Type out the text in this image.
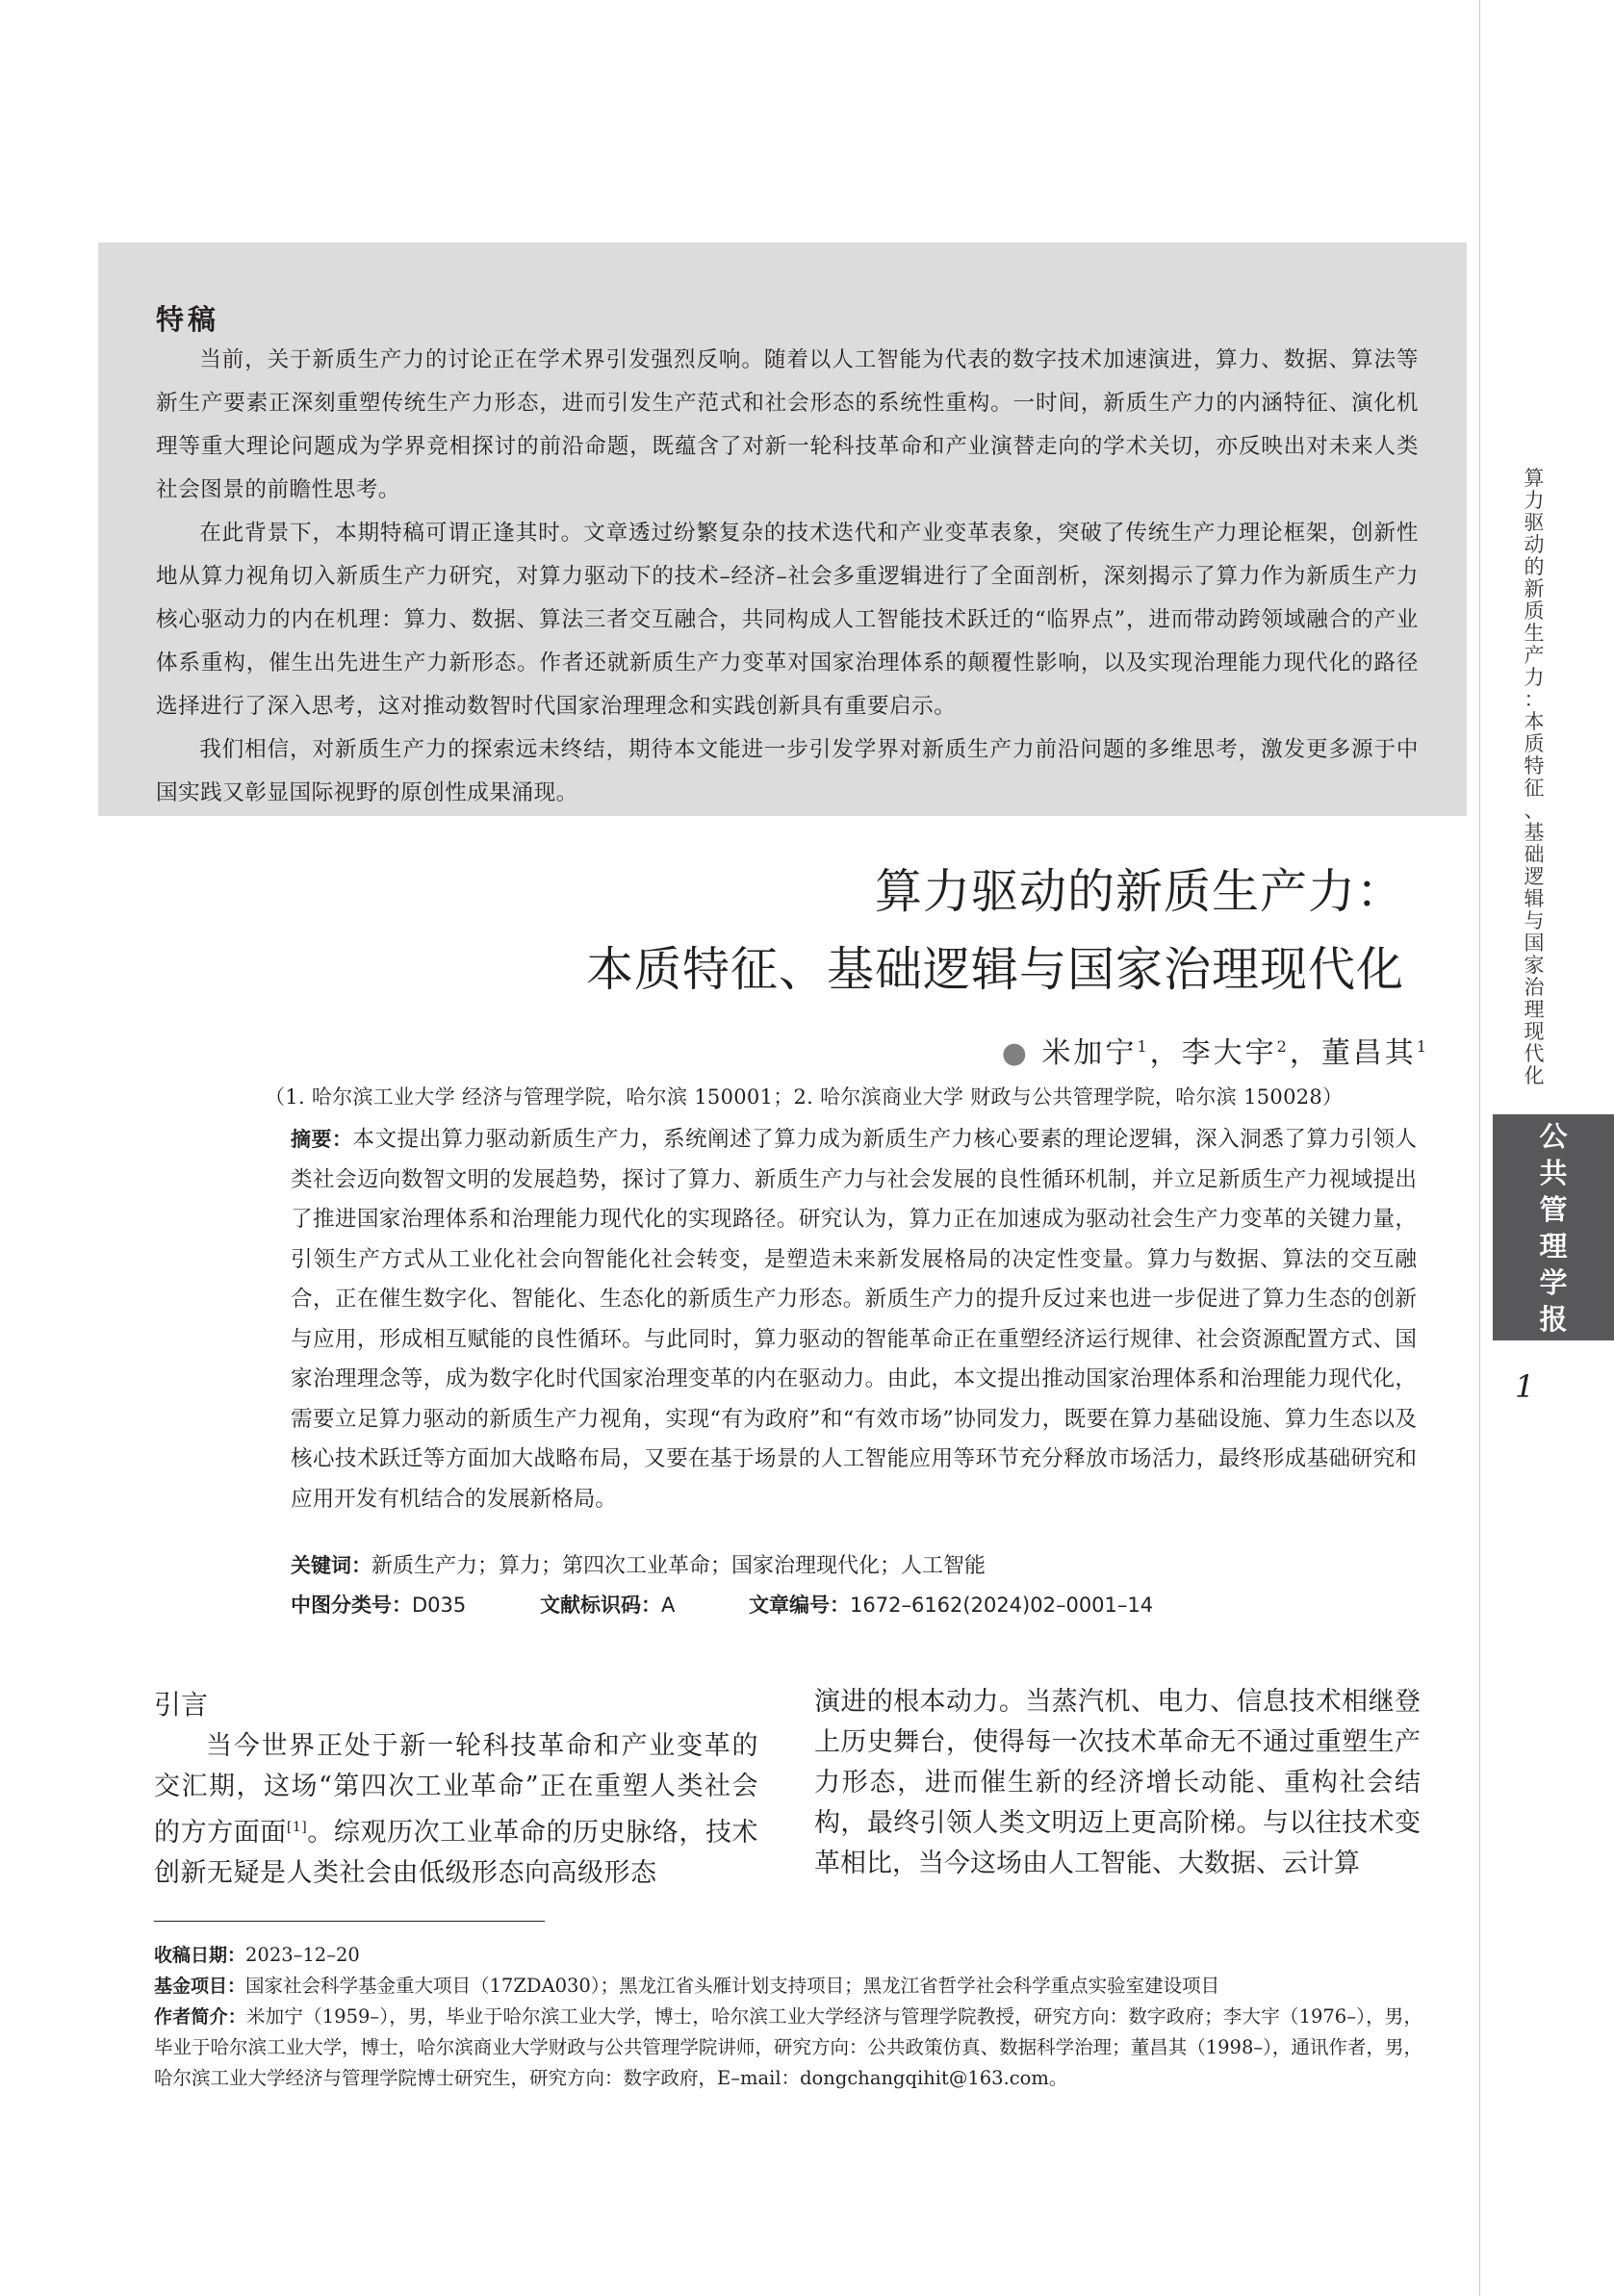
特稿

当前，关于新质生产力的讨论正在学术界引发强烈反响。随着以人工智能为代表的数字技术加速演进，算力、数据、算法等新生产要素正深刻重塑传统生产力形态，进而引发生产范式和社会形态的系统性重构。一时间，新质生产力的内涵特征、演化机理等重大理论问题成为学界竞相探讨的前沿命题，既蕴含了对新一轮科技革命和产业演替走向的学术关切，亦反映出对未来人类社会图景的前瞻性思考。

在此背景下，本期特稿可谓正逢其时。文章透过纷繁复杂的技术迭代和产业变革表象，突破了传统生产力理论框架，创新性地从算力视角切入新质生产力研究，对算力驱动下的技术–经济–社会多重逻辑进行了全面剖析，深刻揭示了算力作为新质生产力核心驱动力的内在机理：算力、数据、算法三者交互融合，共同构成人工智能技术跃迁的“临界点”，进而带动跨领域融合的产业体系重构，催生出先进生产力新形态。作者还就新质生产力变革对国家治理体系的颠覆性影响，以及实现治理能力现代化的路径选择进行了深入思考，这对推动数智时代国家治理理念和实践创新具有重要启示。

我们相信，对新质生产力的探索远未终结，期待本文能进一步引发学界对新质生产力前沿问题的多维思考，激发更多源于中国实践又彰显国际视野的原创性成果涌现。

算力驱动的新质生产力：
本质特征、基础逻辑与国家治理现代化
● 米加宁$^1$，李大宇$^2$，董昌其$^1$
（1. 哈尔滨工业大学 经济与管理学院，哈尔滨 150001；2. 哈尔滨商业大学 财政与公共管理学院，哈尔滨 150028）
摘要：本文提出算力驱动新质生产力，系统阐述了算力成为新质生产力核心要素的理论逻辑，深入洞悉了算力引领人类社会迈向数智文明的发展趋势，探讨了算力、新质生产力与社会发展的良性循环机制，并立足新质生产力视域提出了推进国家治理体系和治理能力现代化的实现路径。研究认为，算力正在加速成为驱动社会生产力变革的关键力量，引领生产方式从工业化社会向智能化社会转变，是塑造未来新发展格局的决定性变量。算力与数据、算法的交互融合，正在催生数字化、智能化、生态化的新质生产力形态。新质生产力的提升反过来也进一步促进了算力生态的创新与应用，形成相互赋能的良性循环。与此同时，算力驱动的智能革命正在重塑经济运行规律、社会资源配置方式、国家治理理念等，成为数字化时代国家治理变革的内在驱动力。由此，本文提出推动国家治理体系和治理能力现代化，需要立足算力驱动的新质生产力视角，实现“有为政府”和“有效市场”协同发力，既要在算力基础设施、算力生态以及核心技术跃迁等方面加大战略布局，又要在基于场景的人工智能应用等环节充分释放市场活力，最终形成基础研究和应用开发有机结合的发展新格局。
关键词：新质生产力；算力；第四次工业革命；国家治理现代化；人工智能
中图分类号：D035	文献标识码：A	文章编号：1672–6162(2024)02–0001–14
引言

当今世界正处于新一轮科技革命和产业变革的交汇期，这场“第四次工业革命”正在重塑人类社会的方方面面[1]。综观历次工业革命的历史脉络，技术创新无疑是人类社会由低级形态向高级形态

演进的根本动力。当蒸汽机、电力、信息技术相继登上历史舞台，使得每一次技术革命无不通过重塑生产力形态，进而催生新的经济增长动能、重构社会结构，最终引领人类文明迈上更高阶梯。与以往技术变革相比，当今这场由人工智能、大数据、云计算

收稿日期：2023–12–20

基金项目：国家社会科学基金重大项目（17ZDA030）；黑龙江省头雁计划支持项目；黑龙江省哲学社会科学重点实验室建设项目

作者简介：米加宁（1959–），男，毕业于哈尔滨工业大学，博士，哈尔滨工业大学经济与管理学院教授，研究方向：数字政府；李大宇（1976–），男，毕业于哈尔滨工业大学，博士，哈尔滨商业大学财政与公共管理学院讲师，研究方向：公共政策仿真、数据科学治理；董昌其（1998–），通讯作者，男，哈尔滨工业大学经济与管理学院博士研究生，研究方向：数字政府，E–mail：dongchangqihit@163.com。

算
力
驱
动
的
新
质
生
产
力
：
本
质
特
征
、
基
础
逻
辑
与
国
家
治
理
现
代
化
公
共
管
理
学
报
1
